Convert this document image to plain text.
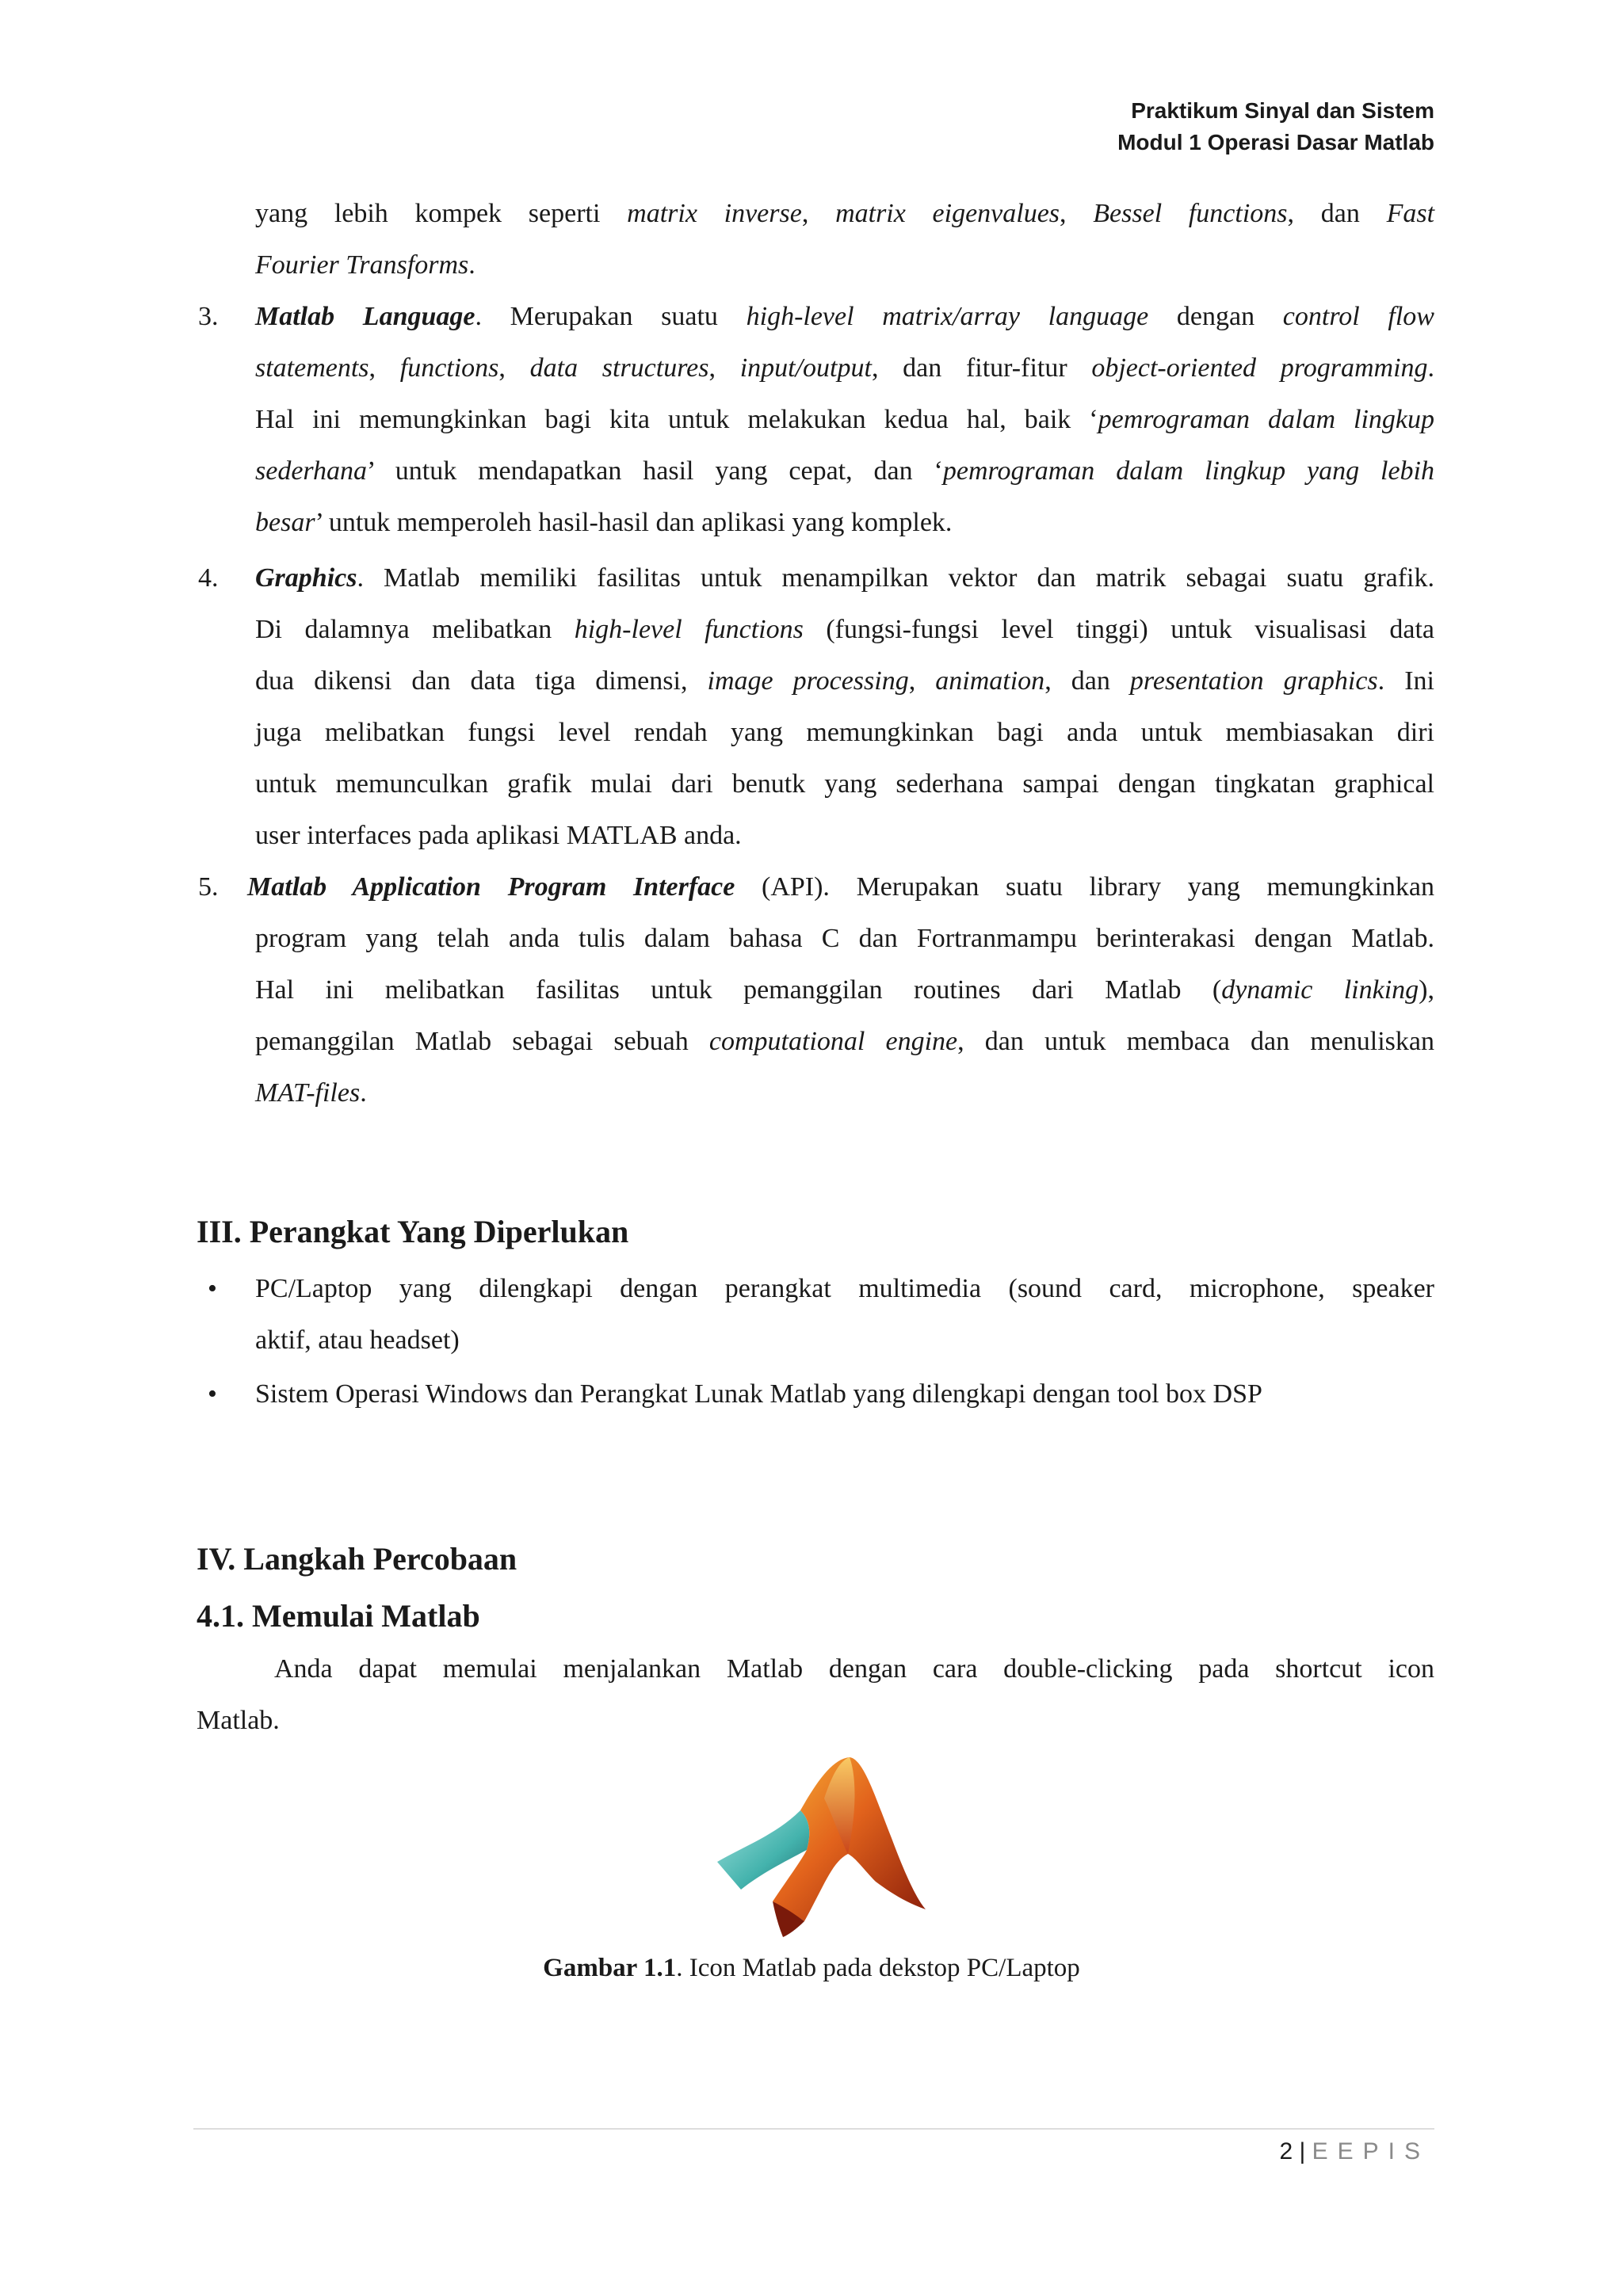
Praktikum Sinyal dan Sistem
Modul 1 Operasi Dasar Matlab
yang lebih kompek seperti matrix inverse, matrix eigenvalues, Bessel functions, dan Fast
Fourier Transforms.
3. Matlab Language. Merupakan suatu high-level matrix/array language dengan control flow
statements, functions, data structures, input/output, dan fitur-fitur object-oriented programming.
Hal ini memungkinkan bagi kita untuk melakukan kedua hal, baik ‘pemrograman dalam lingkup
sederhana’ untuk mendapatkan hasil yang cepat, dan ‘pemrograman dalam lingkup yang lebih
besar’ untuk memperoleh hasil-hasil dan aplikasi yang komplek.
4. Graphics. Matlab memiliki fasilitas untuk menampilkan vektor dan matrik sebagai suatu grafik.
Di dalamnya melibatkan high-level functions (fungsi-fungsi level tinggi) untuk visualisasi data
dua dikensi dan data tiga dimensi, image processing, animation, dan presentation graphics. Ini
juga melibatkan fungsi level rendah yang memungkinkan bagi anda untuk membiasakan diri
untuk memunculkan grafik mulai dari benutk yang sederhana sampai dengan tingkatan graphical
user interfaces pada aplikasi MATLAB anda.
5. Matlab Application Program Interface (API). Merupakan suatu library yang memungkinkan
program yang telah anda tulis dalam bahasa C dan Fortranmampu berinterakasi dengan Matlab.
Hal ini melibatkan fasilitas untuk pemanggilan routines dari Matlab (dynamic linking),
pemanggilan Matlab sebagai sebuah computational engine, dan untuk membaca dan menuliskan
MAT-files.
III. Perangkat Yang Diperlukan
• PC/Laptop yang dilengkapi dengan perangkat multimedia (sound card, microphone, speaker
aktif, atau headset)
• Sistem Operasi Windows dan Perangkat Lunak Matlab yang dilengkapi dengan tool box DSP
IV. Langkah Percobaan
4.1. Memulai Matlab
Anda dapat memulai menjalankan Matlab dengan cara double-clicking pada shortcut icon
Matlab.
Gambar 1.1. Icon Matlab pada dekstop PC/Laptop
2 | EEPIS
